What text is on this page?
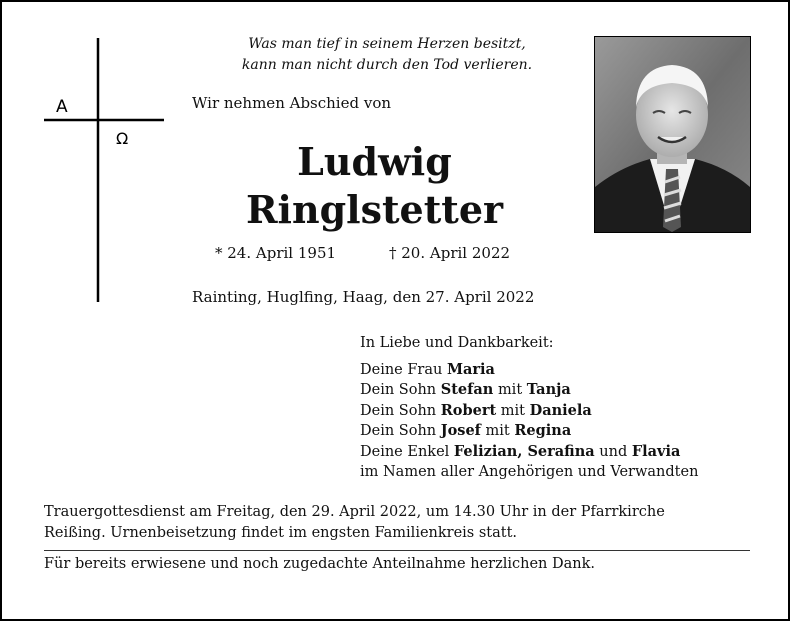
A
Ω
Was man tief in seinem Herzen besitzt,
kann man nicht durch den Tod verlieren.
Wir nehmen Abschied von
Ludwig
Ringlstetter
* 24. April 1951	† 20. April 2022
Rainting, Huglfing, Haag, den 27. April 2022
In Liebe und Dankbarkeit:
Deine Frau Maria
Dein Sohn Stefan mit Tanja
Dein Sohn Robert mit Daniela
Dein Sohn Josef mit Regina
Deine Enkel Felizian, Serafina und Flavia
im Namen aller Angehörigen und Verwandten
Trauergottesdienst am Freitag, den 29. April 2022, um 14.30 Uhr in der Pfarrkirche
Reißing. Urnenbeisetzung findet im engsten Familienkreis statt.
Für bereits erwiesene und noch zugedachte Anteilnahme herzlichen Dank.
